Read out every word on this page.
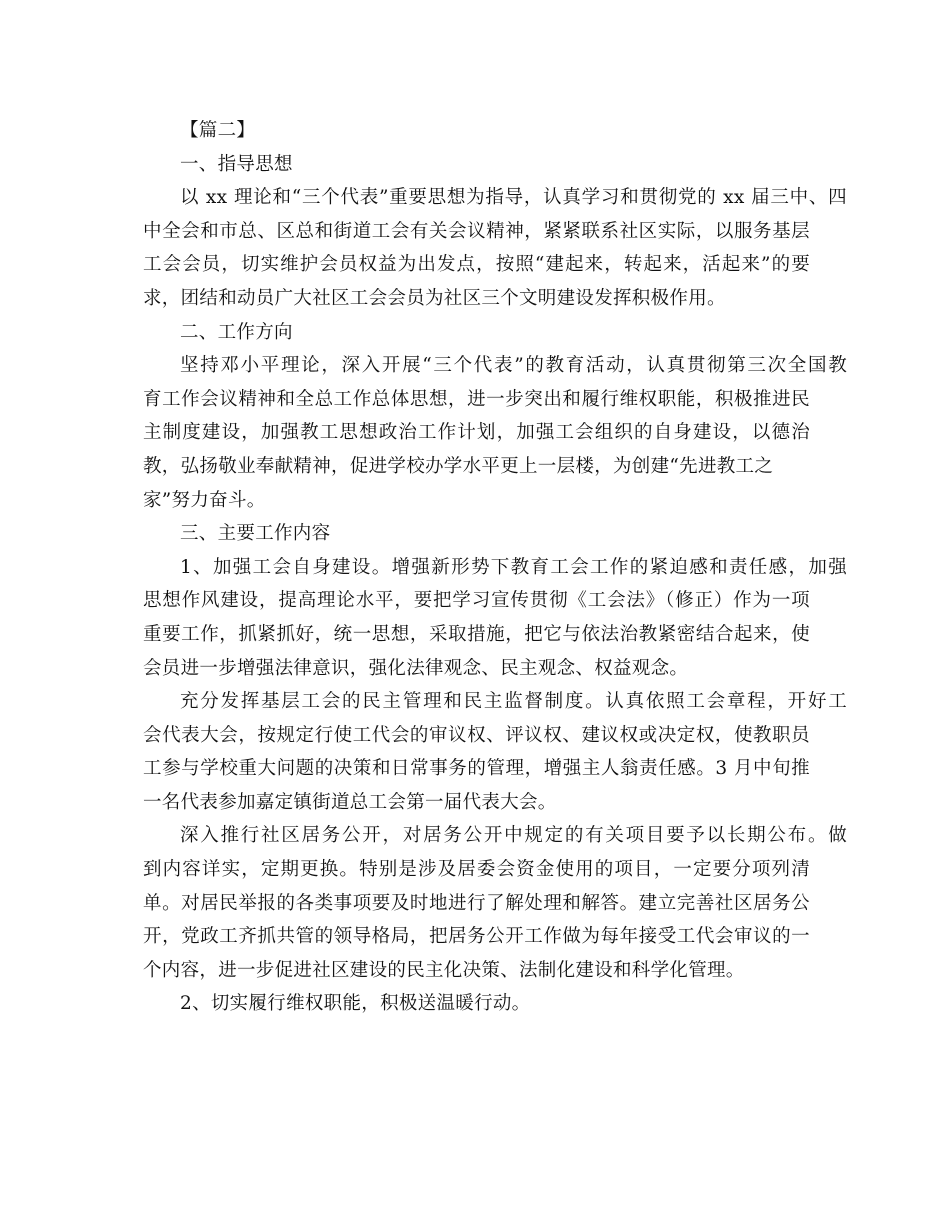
【篇二】
一、指导思想
以 xx 理论和“三个代表”重要思想为指导，认真学习和贯彻党的 xx 届三中、四
中全会和市总、区总和街道工会有关会议精神，紧紧联系社区实际，以服务基层
工会会员，切实维护会员权益为出发点，按照“建起来，转起来，活起来”的要
求，团结和动员广大社区工会会员为社区三个文明建设发挥积极作用。
二、工作方向
坚持邓小平理论，深入开展“三个代表”的教育活动，认真贯彻第三次全国教
育工作会议精神和全总工作总体思想，进一步突出和履行维权职能，积极推进民
主制度建设，加强教工思想政治工作计划，加强工会组织的自身建设，以德治
教，弘扬敬业奉献精神，促进学校办学水平更上一层楼，为创建“先进教工之
家”努力奋斗。
三、主要工作内容
1、加强工会自身建设。增强新形势下教育工会工作的紧迫感和责任感，加强
思想作风建设，提高理论水平，要把学习宣传贯彻《工会法》（修正）作为一项
重要工作，抓紧抓好，统一思想，采取措施，把它与依法治教紧密结合起来，使
会员进一步增强法律意识，强化法律观念、民主观念、权益观念。
充分发挥基层工会的民主管理和民主监督制度。认真依照工会章程，开好工
会代表大会，按规定行使工代会的审议权、评议权、建议权或决定权，使教职员
工参与学校重大问题的决策和日常事务的管理，增强主人翁责任感。3 月中旬推
一名代表参加嘉定镇街道总工会第一届代表大会。
深入推行社区居务公开，对居务公开中规定的有关项目要予以长期公布。做
到内容详实，定期更换。特别是涉及居委会资金使用的项目，一定要分项列清
单。对居民举报的各类事项要及时地进行了解处理和解答。建立完善社区居务公
开，党政工齐抓共管的领导格局，把居务公开工作做为每年接受工代会审议的一
个内容，进一步促进社区建设的民主化决策、法制化建设和科学化管理。
2、切实履行维权职能，积极送温暖行动。
